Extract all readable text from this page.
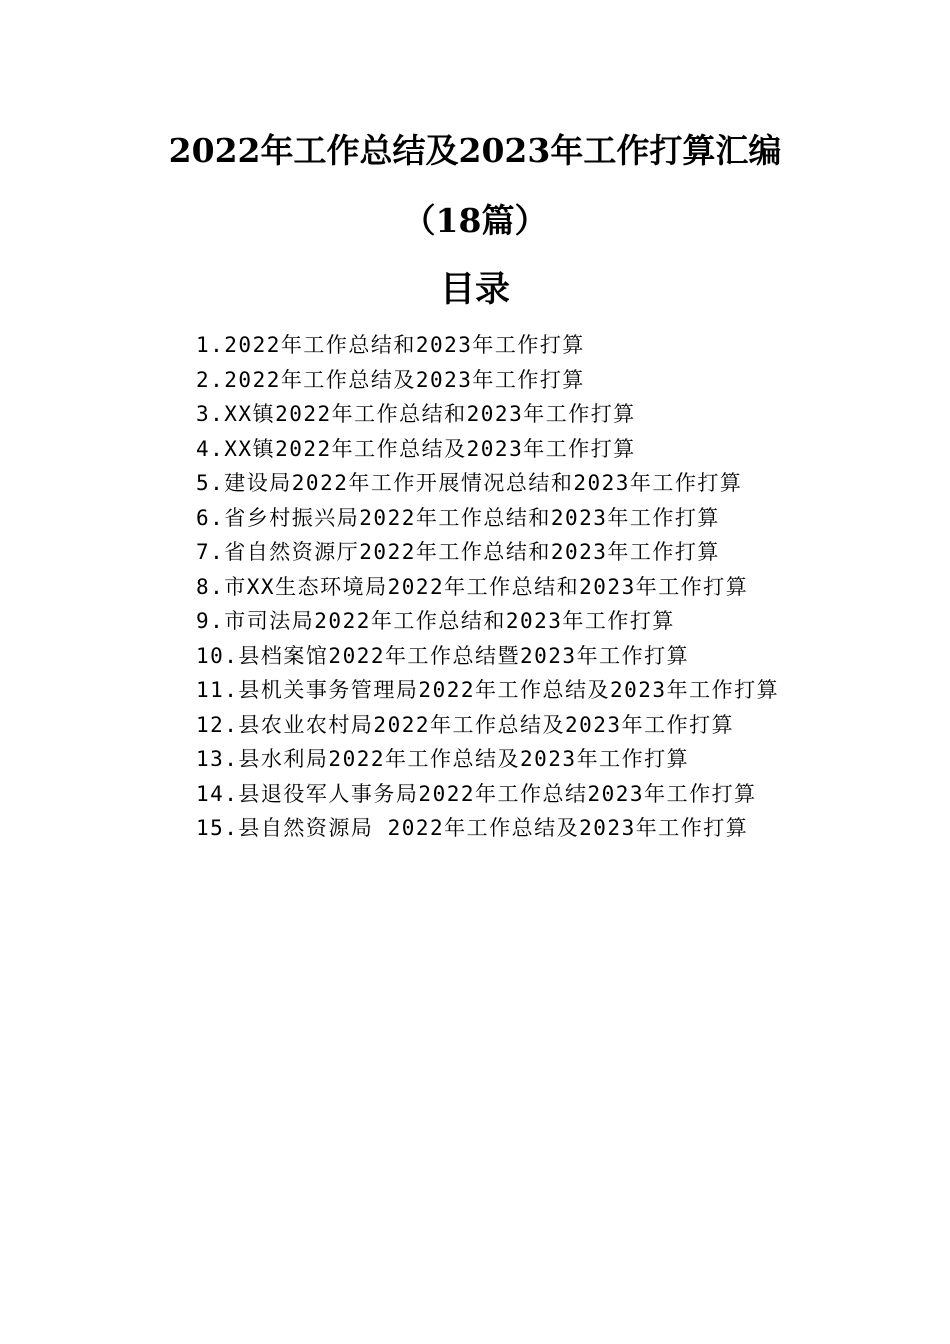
2022年工作总结及2023年工作打算汇编
（18篇）
目录
1.2022年工作总结和2023年工作打算
2.2022年工作总结及2023年工作打算
3.XX镇2022年工作总结和2023年工作打算
4.XX镇2022年工作总结及2023年工作打算
5.建设局2022年工作开展情况总结和2023年工作打算
6.省乡村振兴局2022年工作总结和2023年工作打算
7.省自然资源厅2022年工作总结和2023年工作打算
8.市XX生态环境局2022年工作总结和2023年工作打算
9.市司法局2022年工作总结和2023年工作打算
10.县档案馆2022年工作总结暨2023年工作打算
11.县机关事务管理局2022年工作总结及2023年工作打算
12.县农业农村局2022年工作总结及2023年工作打算
13.县水利局2022年工作总结及2023年工作打算
14.县退役军人事务局2022年工作总结2023年工作打算
15.县自然资源局 2022年工作总结及2023年工作打算
